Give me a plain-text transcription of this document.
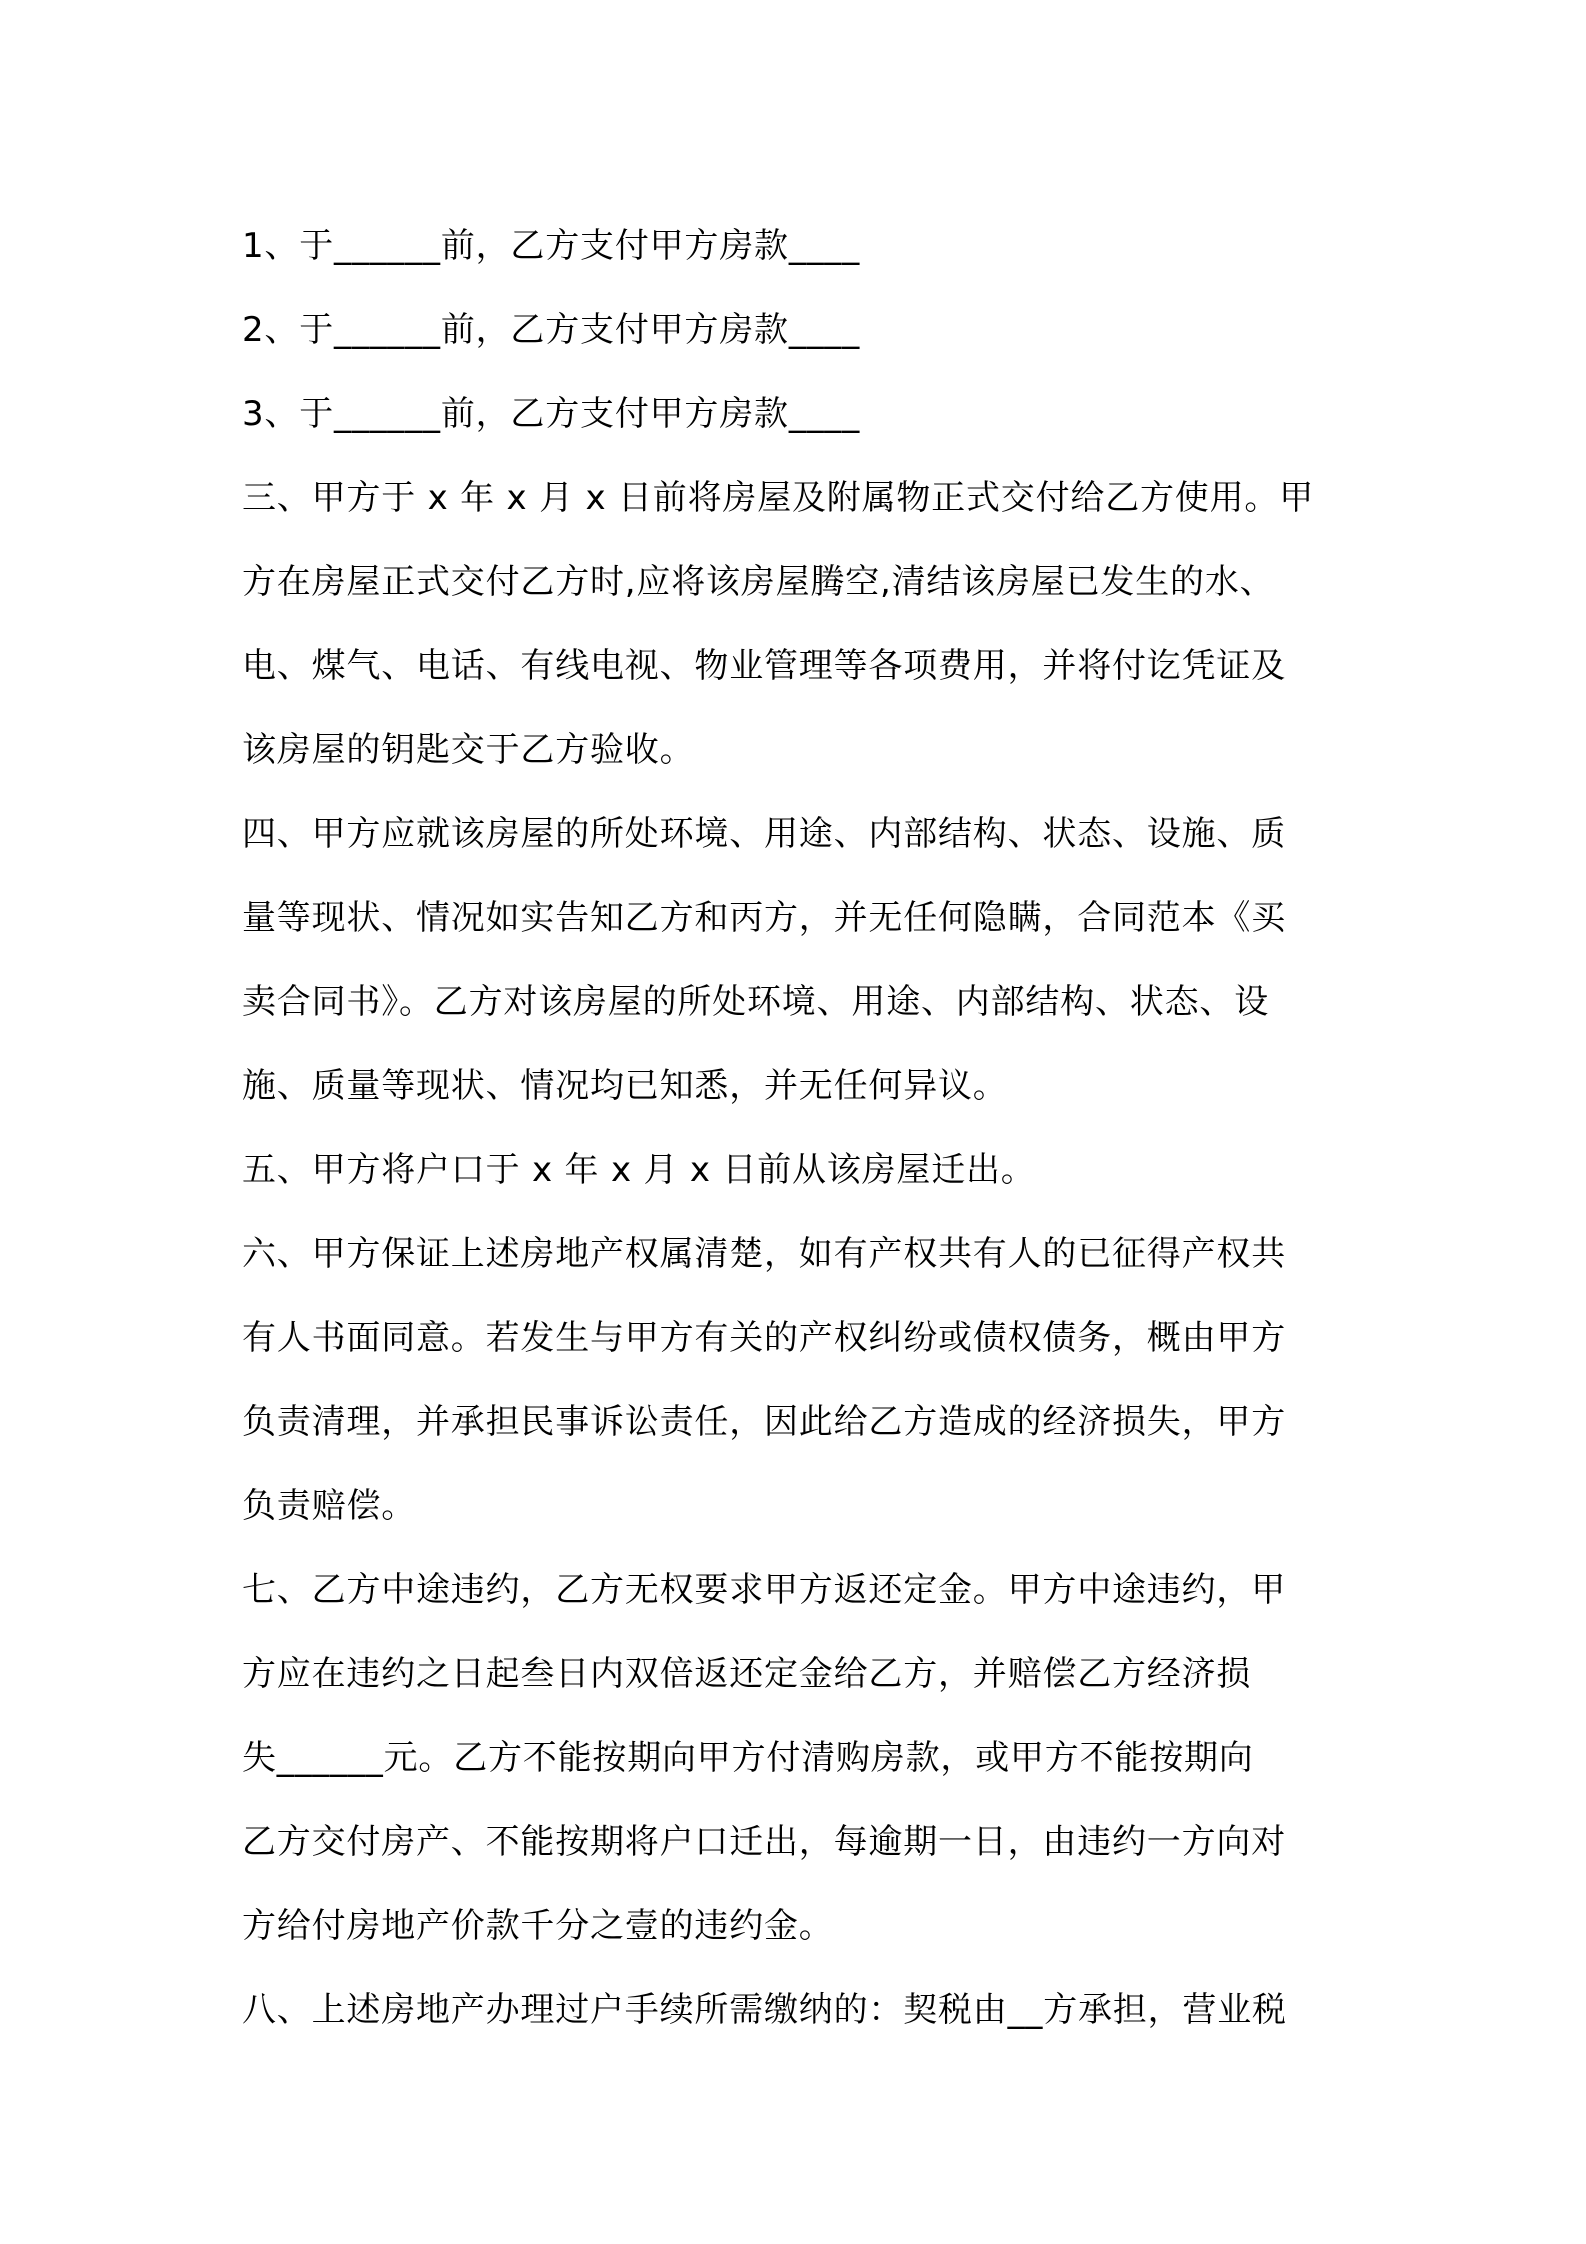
1、于______前，乙方支付甲方房款____
2、于______前，乙方支付甲方房款____
3、于______前，乙方支付甲方房款____
三、甲方于 x 年 x 月 x 日前将房屋及附属物正式交付给乙方使用。甲
方在房屋正式交付乙方时,应将该房屋腾空,清结该房屋已发生的水、
电、煤气、电话、有线电视、物业管理等各项费用，并将付讫凭证及
该房屋的钥匙交于乙方验收。
四、甲方应就该房屋的所处环境、用途、内部结构、状态、设施、质
量等现状、情况如实告知乙方和丙方，并无任何隐瞒，合同范本《买
卖合同书》。乙方对该房屋的所处环境、用途、内部结构、状态、设
施、质量等现状、情况均已知悉，并无任何异议。
五、甲方将户口于 x 年 x 月 x 日前从该房屋迁出。
六、甲方保证上述房地产权属清楚，如有产权共有人的已征得产权共
有人书面同意。若发生与甲方有关的产权纠纷或债权债务，概由甲方
负责清理，并承担民事诉讼责任，因此给乙方造成的经济损失，甲方
负责赔偿。
七、乙方中途违约，乙方无权要求甲方返还定金。甲方中途违约，甲
方应在违约之日起叁日内双倍返还定金给乙方，并赔偿乙方经济损
失______元。乙方不能按期向甲方付清购房款，或甲方不能按期向
乙方交付房产、不能按期将户口迁出，每逾期一日，由违约一方向对
方给付房地产价款千分之壹的违约金。
八、上述房地产办理过户手续所需缴纳的：契税由__方承担，营业税
